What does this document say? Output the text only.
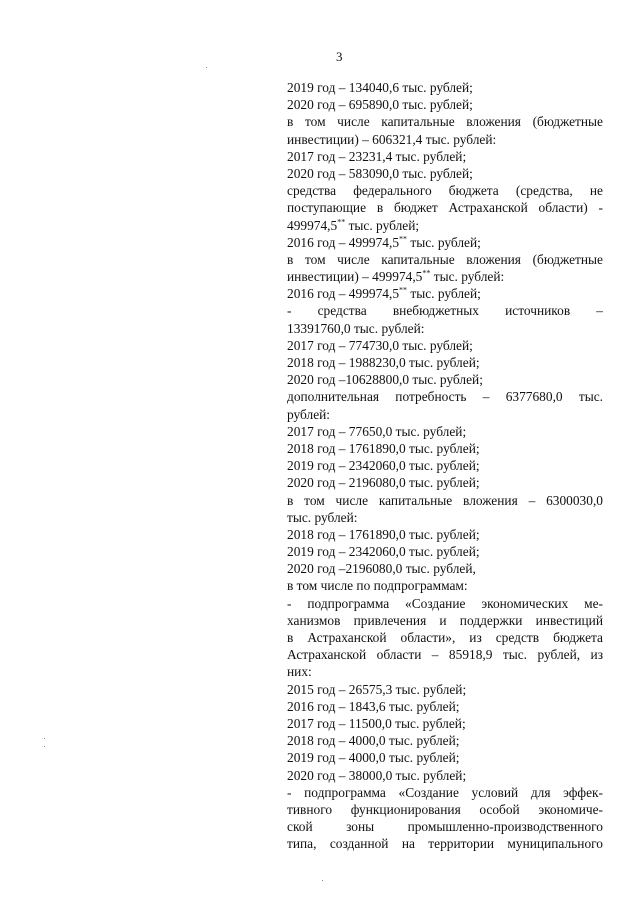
3
2019 год – 134040,6 тыс. рублей;
2020 год – 695890,0 тыс. рублей;
в том числе капитальные вложения (бюджетные
инвестиции) – 606321,4 тыс. рублей:
2017 год – 23231,4 тыс. рублей;
2020 год – 583090,0 тыс. рублей;
средства федерального бюджета (средства, не
поступающие в бюджет Астраханской области) -
499974,5** тыс. рублей;
2016 год – 499974,5** тыс. рублей;
в том числе капитальные вложения (бюджетные
инвестиции) – 499974,5** тыс. рублей:
2016 год – 499974,5** тыс. рублей;
- средства внебюджетных источников –
13391760,0 тыс. рублей:
2017 год – 774730,0 тыс. рублей;
2018 год – 1988230,0 тыс. рублей;
2020 год –10628800,0 тыс. рублей;
дополнительная потребность – 6377680,0 тыс.
рублей:
2017 год – 77650,0 тыс. рублей;
2018 год – 1761890,0 тыс. рублей;
2019 год – 2342060,0 тыс. рублей;
2020 год – 2196080,0 тыс. рублей;
в том числе капитальные вложения – 6300030,0
тыс. рублей:
2018 год – 1761890,0 тыс. рублей;
2019 год – 2342060,0 тыс. рублей;
2020 год –2196080,0 тыс. рублей,
в том числе по подпрограммам:
- подпрограмма «Создание экономических ме-
ханизмов привлечения и поддержки инвестиций
в Астраханской области», из средств бюджета
Астраханской области – 85918,9 тыс. рублей, из
них:
2015 год – 26575,3 тыс. рублей;
2016 год – 1843,6 тыс. рублей;
2017 год – 11500,0 тыс. рублей;
2018 год – 4000,0 тыс. рублей;
2019 год – 4000,0 тыс. рублей;
2020 год – 38000,0 тыс. рублей;
- подпрограмма «Создание условий для эффек-
тивного функционирования особой экономиче-
ской зоны промышленно-производственного
типа, созданной на территории муниципального
